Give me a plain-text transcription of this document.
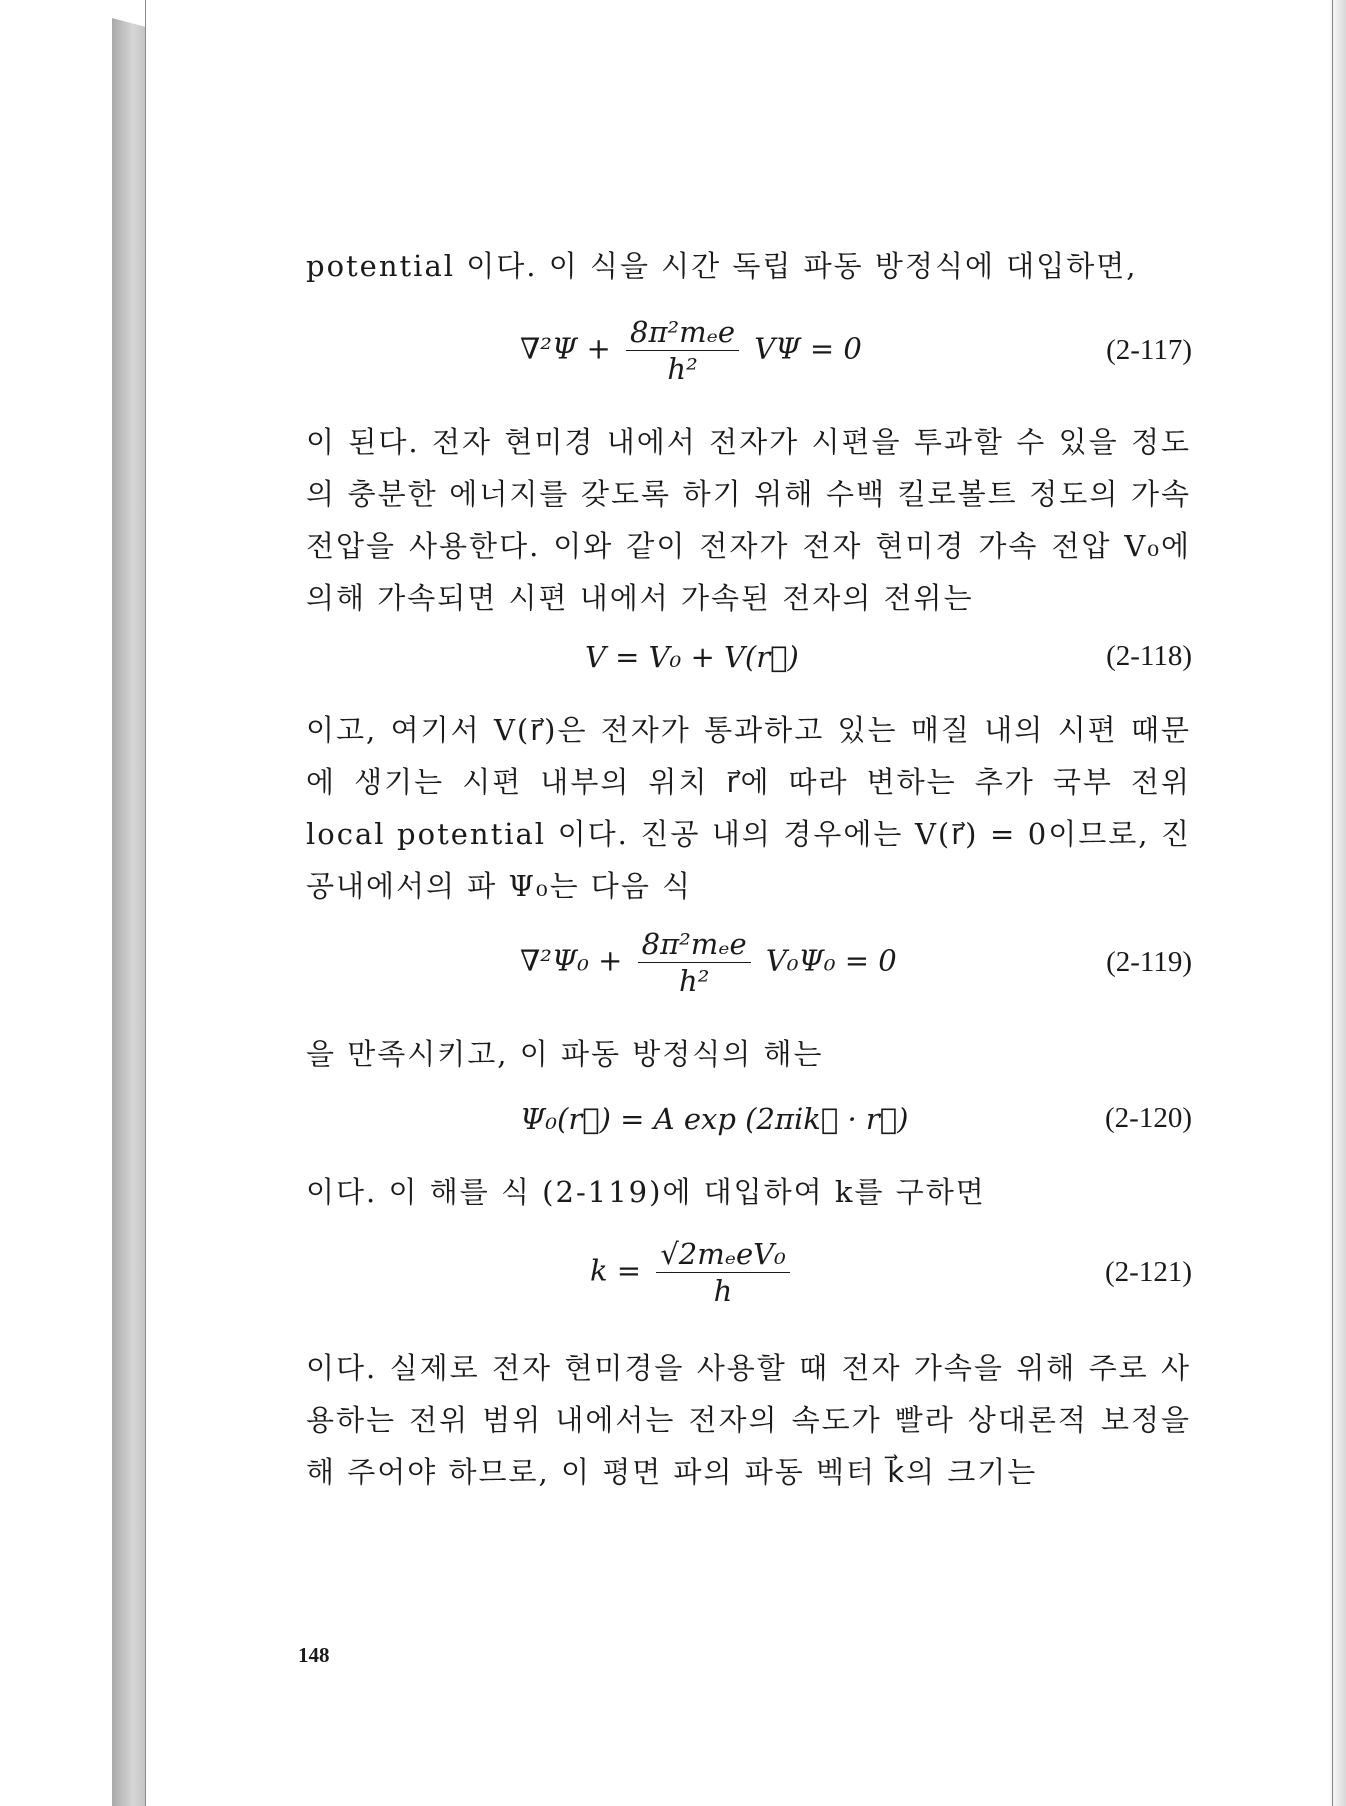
potential 이다. 이 식을 시간 독립 파동 방정식에 대입하면,

$\nabla^2\Psi + \frac{\text{8π²mₑe}}{\text{h²}}$ VΨ = 0	(2-117)

이 된다. 전자 현미경 내에서 전자가 시편을 투과할 수 있을 정도의 충분한 에너지를 갖도록 하기 위해 수백 킬로볼트 정도의 가속 전압을 사용한다. 이와 같이 전자가 전자 현미경 가속 전압 V₀에 의해 가속되면 시편 내에서 가속된 전자의 전위는

V = V₀ + V(r⃗)	(2-118)

이고, 여기서 V(r⃗)은 전자가 통과하고 있는 매질 내의 시편 때문에 생기는 시편 내부의 위치 r⃗에 따라 변하는 추가 국부 전위 local potential 이다. 진공 내의 경우에는 V(r⃗) = 0이므로, 진공내에서의 파 Ψ₀는 다음 식

$\nabla^2\Psi_0 + \frac{\text{8π²mₑe}}{\text{h²}} V_0\Psi_0 = 0$	(2-119)

을 만족시키고, 이 파동 방정식의 해는

Ψ₀(r⃗) = A exp (2πik⃗ · r⃗)	(2-120)

이다. 이 해를 식 (2-119)에 대입하여 k를 구하면

$k = \frac{\text{√2mₑeV₀}}{h}$	(2-121)

이다. 실제로 전자 현미경을 사용할 때 전자 가속을 위해 주로 사용하는 전위 범위 내에서는 전자의 속도가 빨라 상대론적 보정을 해 주어야 하므로, 이 평면 파의 파동 벡터 k⃗의 크기는

148
